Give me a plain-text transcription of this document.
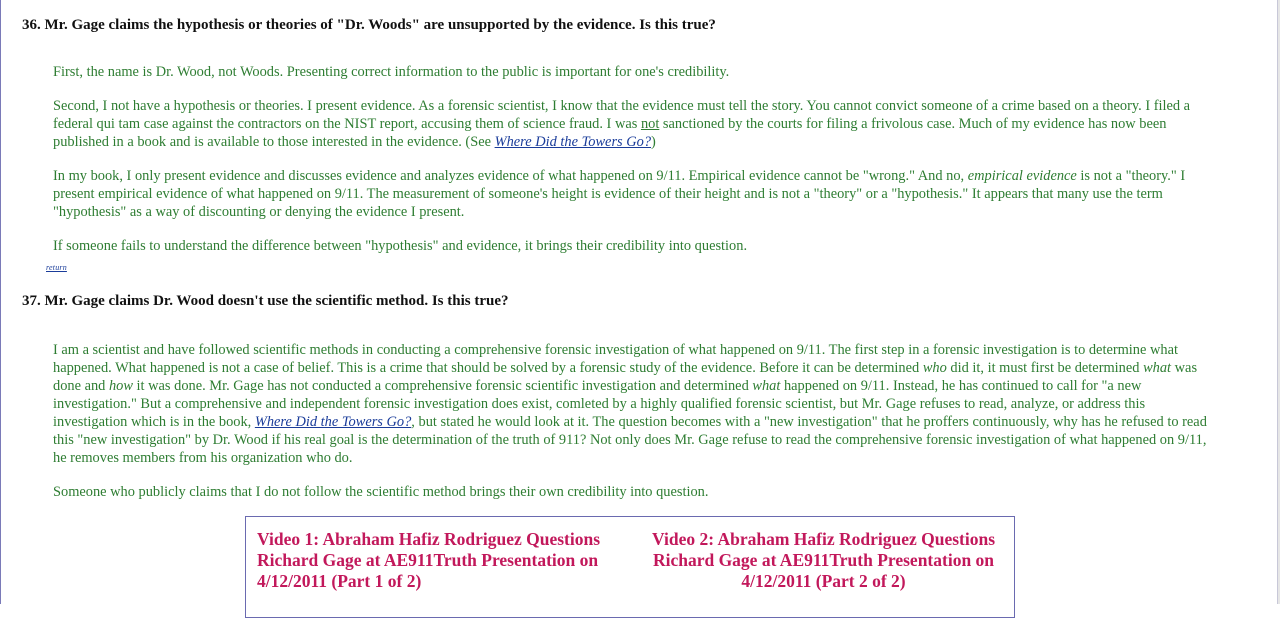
36. Mr. Gage claims the hypothesis or theories of "Dr. Woods" are unsupported by the evidence. Is this true?

First, the name is Dr. Wood, not Woods. Presenting correct information to the public is important for one's credibility.

Second, I not have a hypothesis or theories. I present evidence. As a forensic scientist, I know that the evidence must tell the story. You cannot convict someone of a crime based on a theory. I filed a federal qui tam case against the contractors on the NIST report, accusing them of science fraud. I was not sanctioned by the courts for filing a frivolous case. Much of my evidence has now been published in a book and is available to those interested in the evidence. (See Where Did the Towers Go?)

In my book, I only present evidence and discusses evidence and analyzes evidence of what happened on 9/11. Empirical evidence cannot be "wrong." And no, empirical evidence is not a "theory." I present empirical evidence of what happened on 9/11. The measurement of someone's height is evidence of their height and is not a "theory" or a "hypothesis." It appears that many use the term "hypothesis" as a way of discounting or denying the evidence I present.

If someone fails to understand the difference between "hypothesis" and evidence, it brings their credibility into question.

return

37. Mr. Gage claims Dr. Wood doesn't use the scientific method. Is this true?

I am a scientist and have followed scientific methods in conducting a comprehensive forensic investigation of what happened on 9/11. The first step in a forensic investigation is to determine what happened. What happened is not a case of belief. This is a crime that should be solved by a forensic study of the evidence. Before it can be determined who did it, it must first be determined what was done and how it was done. Mr. Gage has not conducted a comprehensive forensic scientific investigation and determined what happened on 9/11. Instead, he has continued to call for "a new investigation." But a comprehensive and independent forensic investigation does exist, comleted by a highly qualified forensic scientist, but Mr. Gage refuses to read, analyze, or address this investigation which is in the book, Where Did the Towers Go?, but stated he would look at it. The question becomes with a "new investigation" that he proffers continuously, why has he refused to read this "new investigation" by Dr. Wood if his real goal is the determination of the truth of 911? Not only does Mr. Gage refuse to read the comprehensive forensic investigation of what happened on 9/11, he removes members from his organization who do.

Someone who publicly claims that I do not follow the scientific method brings their own credibility into question.

Video 1: Abraham Hafiz Rodriguez Questions Richard Gage at AE911Truth Presentation on 4/12/2011 (Part 1 of 2)
Video 2: Abraham Hafiz Rodriguez Questions Richard Gage at AE911Truth Presentation on 4/12/2011 (Part 2 of 2)
